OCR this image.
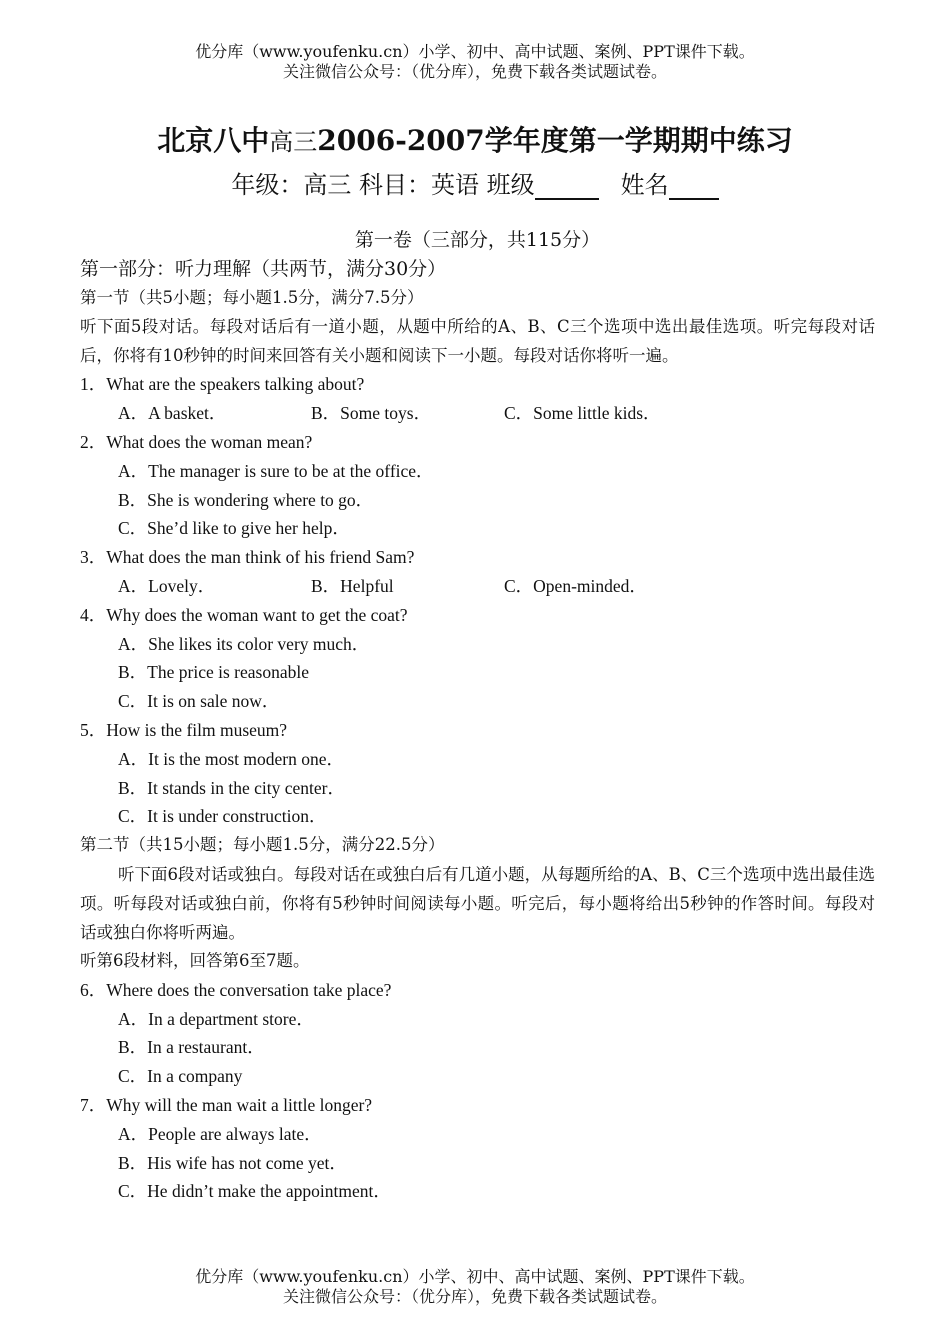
优分库（www.youfenku.cn）小学、初中、高中试题、案例、PPT课件下载。
关注微信公众号：（优分库），免费下载各类试题试卷。
北京八中高三2006-2007学年度第一学期期中练习
年级：高三 科目：英语 班级	姓名
第一卷（三部分，共115分）
第一部分：听力理解（共两节，满分30分）
第一节（共5小题；每小题1.5分，满分7.5分）
听下面5段对话。每段对话后有一道小题，从题中所给的A、B、C三个选项中选出最佳选项。听完每段对话后，你将有10秒钟的时间来回答有关小题和阅读下一小题。每段对话你将听一遍。
1．What are the speakers talking about?
A．A basket．	B．Some toys．	C．Some little kids．
2．What does the woman mean?
A．The manager is sure to be at the office．
B．She is wondering where to go．
C．She’d like to give her help．
3．What does the man think of his friend Sam?
A．Lovely．	B．Helpful	C．Open-minded．
4．Why does the woman want to get the coat?
A．She likes its color very much．
B．The price is reasonable
C．It is on sale now．
5．How is the film museum?
A．It is the most modern one．
B．It stands in the city center．
C．It is under construction．
第二节（共15小题；每小题1.5分，满分22.5分）
听下面6段对话或独白。每段对话在或独白后有几道小题，从每题所给的A、B、C三个选项中选出最佳选项。听每段对话或独白前，你将有5秒钟时间阅读每小题。听完后，每小题将给出5秒钟的作答时间。每段对话或独白你将听两遍。
听第6段材料，回答第6至7题。
6．Where does the conversation take place?
A．In a department store．
B．In a restaurant．
C．In a company
7．Why will the man wait a little longer?
A．People are always late．
B．His wife has not come yet．
C．He didn’t make the appointment．
优分库（www.youfenku.cn）小学、初中、高中试题、案例、PPT课件下载。
关注微信公众号：（优分库），免费下载各类试题试卷。
